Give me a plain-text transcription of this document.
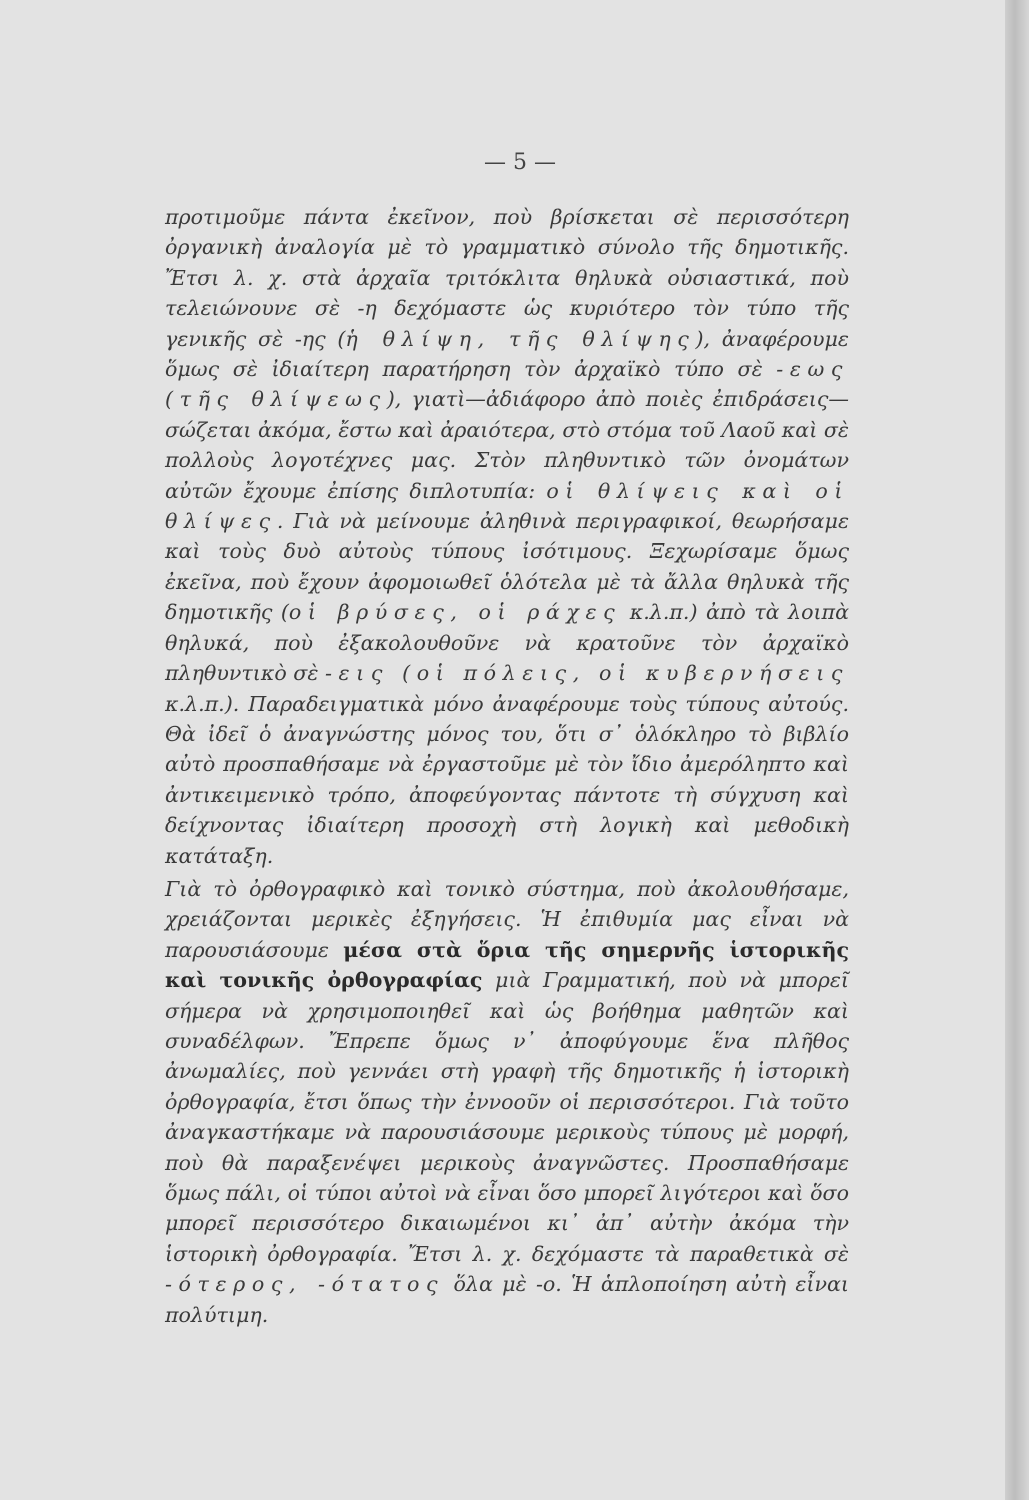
— 5 —

προτιμοῦμε πάντα ἐκεῖνον, ποὺ βρίσκεται σὲ περισσότερη ὀργανικὴ ἀναλογία μὲ τὸ γραμματικὸ σύνολο τῆς δημοτικῆς. Ἔτσι λ. χ. στὰ ἀρχαῖα τριτόκλιτα θηλυκὰ οὐσιαστικά, ποὺ τελειώνουνε σὲ -η δεχόμαστε ὡς κυριότερο τὸν τύπο τῆς γενικῆς σὲ -ης (ἡ θλίψη, τῆς θλίψης), ἀναφέρουμε ὅμως σὲ ἰδιαίτερη παρατήρηση τὸν ἀρχαϊκὸ τύπο σὲ -εως (τῆς θλίψεως), γιατὶ—ἀδιάφορο ἀπὸ ποιὲς ἐπιδράσεις—σώζεται ἀκόμα, ἔστω καὶ ἀραιότερα, στὸ στόμα τοῦ Λαοῦ καὶ σὲ πολλοὺς λογοτέχνες μας. Στὸν πληθυντικὸ τῶν ὀνομάτων αὐτῶν ἔχουμε ἐπίσης διπλοτυπία: οἱ θλίψεις καὶ οἱ θλίψες. Γιὰ νὰ μείνουμε ἀληθινὰ περιγραφικοί, θεωρήσαμε καὶ τοὺς δυὸ αὐτοὺς τύπους ἰσότιμους. Ξεχωρίσαμε ὅμως ἐκεῖνα, ποὺ ἔχουν ἀφομοιωθεῖ ὁλότελα μὲ τὰ ἄλλα θηλυκὰ τῆς δημοτικῆς (οἱ βρύσες, οἱ ράχες κ.λ.π.) ἀπὸ τὰ λοιπὰ θηλυκά, ποὺ ἐξακολουθοῦνε νὰ κρατοῦνε τὸν ἀρχαϊκὸ πληθυντικὸ σὲ -εις (οἱ πόλεις, οἱ κυβερνήσεις κ.λ.π.). Παραδειγματικὰ μόνο ἀναφέρουμε τοὺς τύπους αὐτούς. Θὰ ἰδεῖ ὁ ἀναγνώστης μόνος του, ὅτι σ᾿ ὁλόκληρο τὸ βιβλίο αὐτὸ προσπαθήσαμε νὰ ἐργαστοῦμε μὲ τὸν ἴδιο ἀμερόληπτο καὶ ἀντικειμενικὸ τρόπο, ἀποφεύγοντας πάντοτε τὴ σύγχυση καὶ δείχνοντας ἰδιαίτερη προσοχὴ στὴ λογικὴ καὶ μεθοδικὴ κατάταξη.

Γιὰ τὸ ὀρθογραφικὸ καὶ τονικὸ σύστημα, ποὺ ἀκολουθήσαμε, χρειάζονται μερικὲς ἐξηγήσεις. Ἡ ἐπιθυμία μας εἶναι νὰ παρουσιάσουμε μέσα στὰ ὅρια τῆς σημερνῆς ἱστορικῆς καὶ τονικῆς ὀρθογραφίας μιὰ Γραμματική, ποὺ νὰ μπορεῖ σήμερα νὰ χρησιμοποιηθεῖ καὶ ὡς βοήθημα μαθητῶν καὶ συναδέλφων. Ἔπρεπε ὅμως ν᾿ ἀποφύγουμε ἕνα πλῆθος ἀνωμαλίες, ποὺ γεννάει στὴ γραφὴ τῆς δημοτικῆς ἡ ἱστορικὴ ὀρθογραφία, ἔτσι ὅπως τὴν ἐννοοῦν οἱ περισσότεροι. Γιὰ τοῦτο ἀναγκαστήκαμε νὰ παρουσιάσουμε μερικοὺς τύπους μὲ μορφή, ποὺ θὰ παραξενέψει μερικοὺς ἀναγνῶστες. Προσπαθήσαμε ὅμως πάλι, οἱ τύποι αὐτοὶ νὰ εἶναι ὅσο μπορεῖ λιγότεροι καὶ ὅσο μπορεῖ περισσότερο δικαιωμένοι κι᾿ ἀπ᾿ αὐτὴν ἀκόμα τὴν ἱστορικὴ ὀρθογραφία. Ἔτσι λ. χ. δεχόμαστε τὰ παραθετικὰ σὲ -ότερος, -ότατος ὅλα μὲ -ο. Ἡ ἁπλοποίηση αὐτὴ εἶναι πολύτιμη.
